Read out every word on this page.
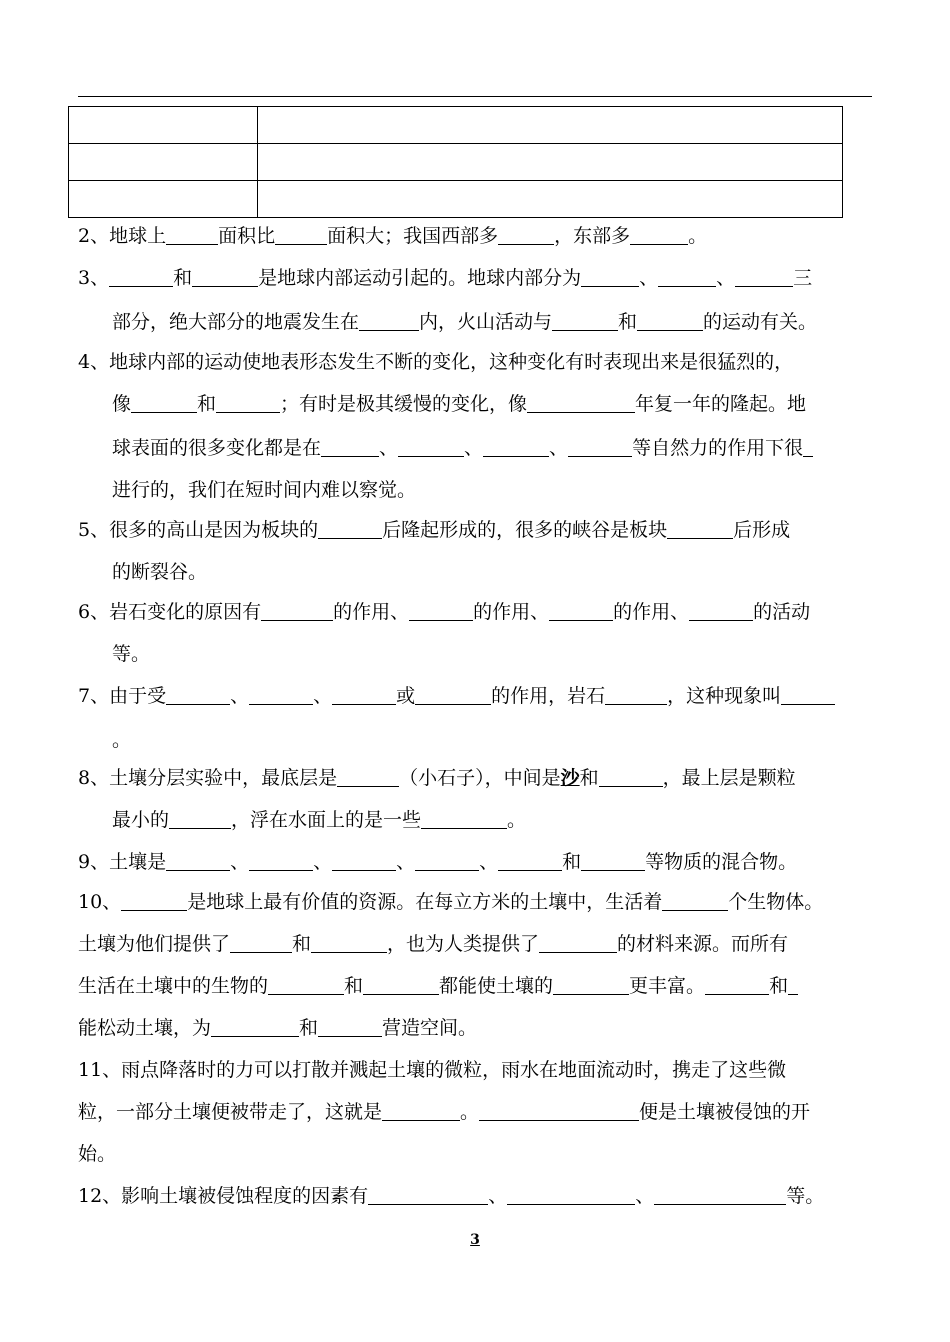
2、地球上	面积比	面积大；我国西部多	，东部多	。
3、	和	是地球内部运动引起的。地球内部分为	、	、	三
部分，绝大部分的地震发生在	内，火山活动与	和	的运动有关。
4、地球内部的运动使地表形态发生不断的变化，这种变化有时表现出来是很猛烈的，
像	和	；有时是极其缓慢的变化，像	年复一年的隆起。地
球表面的很多变化都是在	、	、	、	等自然力的作用下很
进行的，我们在短时间内难以察觉。
5、很多的高山是因为板块的	后隆起形成的，很多的峡谷是板块	后形成
的断裂谷。
6、岩石变化的原因有	的作用、	的作用、	的作用、	的活动
等。
7、由于受	、	、	或	的作用，岩石	，这种现象叫
。
8、土壤分层实验中，最底层是	（小石子），中间是沙和	，最上层是颗粒
最小的	，浮在水面上的是一些	。
9、土壤是	、	、	、	、	和	等物质的混合物。
10、	是地球上最有价值的资源。在每立方米的土壤中，生活着	个生物体。
土壤为他们提供了	和	，也为人类提供了	的材料来源。而所有
生活在土壤中的生物的	和	都能使土壤的	更丰富。	和
能松动土壤，为	和	营造空间。
11、雨点降落时的力可以打散并溅起土壤的微粒，雨水在地面流动时，携走了这些微
粒，一部分土壤便被带走了，这就是	。	便是土壤被侵蚀的开
始。
12、影响土壤被侵蚀程度的因素有	、	、	等。
3
